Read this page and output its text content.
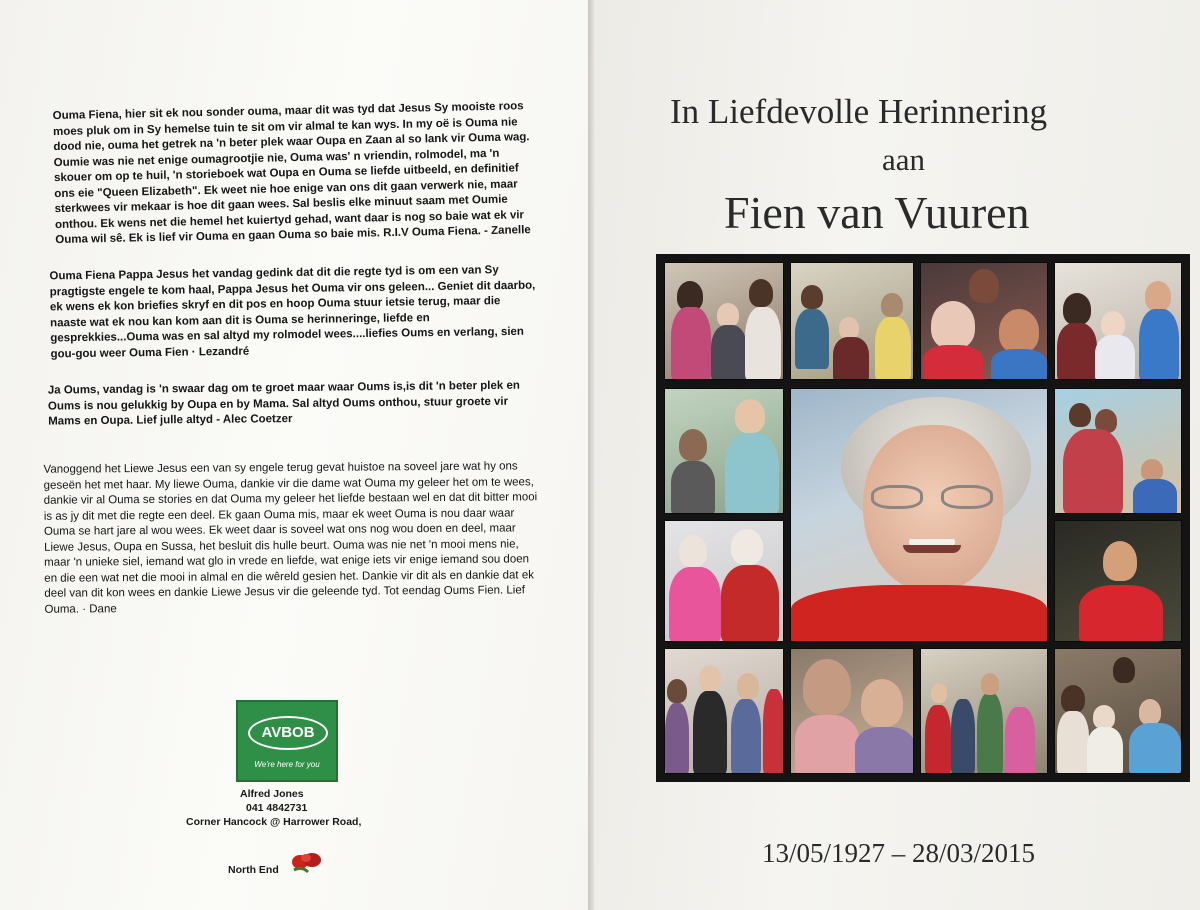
Ouma Fiena, hier sit ek nou sonder ouma, maar dit was tyd dat Jesus Sy mooiste roos moes pluk om in Sy hemelse tuin te sit om vir almal te kan wys. In my oë is Ouma nie dood nie, ouma het getrek na 'n beter plek waar Oupa en Zaan al so lank vir Ouma wag. Oumie was nie net enige oumagrootjie nie, Ouma was' n vriendin, rolmodel, ma 'n skouer om op te huil, 'n storieboek wat Oupa en Ouma se liefde uitbeeld, en definitief ons eie "Queen Elizabeth". Ek weet nie hoe enige van ons dit gaan verwerk nie, maar sterkwees vir mekaar is hoe dit gaan wees. Sal beslis elke minuut saam met Oumie onthou. Ek wens net die hemel het kuiertyd gehad, want daar is nog so baie wat ek vir Ouma wil sê. Ek is lief vir Ouma en gaan Ouma so baie mis. R.I.V Ouma Fiena. - Zanelle

Ouma Fiena Pappa Jesus het vandag gedink dat dit die regte tyd is om een van Sy pragtigste engele te kom haal, Pappa Jesus het Ouma vir ons geleen... Geniet dit daarbo, ek wens ek kon briefies skryf en dit pos en hoop Ouma stuur ietsie terug, maar die naaste wat ek nou kan kom aan dit is Ouma se herinneringe, liefde en gesprekkies...Ouma was en sal altyd my rolmodel wees....liefies Oums en verlang, sien gou-gou weer Ouma Fien · Lezandré

Ja Oums, vandag is 'n swaar dag om te groet maar waar Oums is,is dit 'n beter plek en Oums is nou gelukkig by Oupa en by Mama. Sal altyd Oums onthou, stuur groete vir Mams en Oupa. Lief julle altyd - Alec Coetzer

Vanoggend het Liewe Jesus een van sy engele terug gevat huistoe na soveel jare wat hy ons geseën het met haar. My liewe Ouma, dankie vir die dame wat Ouma my geleer het om te wees, dankie vir al Ouma se stories en dat Ouma my geleer het liefde bestaan wel en dat dit bitter mooi is as jy dit met die regte een deel. Ek gaan Ouma mis, maar ek weet Ouma is nou daar waar Ouma se hart jare al wou wees. Ek weet daar is soveel wat ons nog wou doen en deel, maar Liewe Jesus, Oupa en Sussa, het besluit dis hulle beurt. Ouma was nie net 'n mooi mens nie, maar 'n unieke siel, iemand wat glo in vrede en liefde, wat enige iets vir enige iemand sou doen en die een wat net die mooi in almal en die wêreld gesien het. Dankie vir dit als en dankie dat ek deel van dit kon wees en dankie Liewe Jesus vir die geleende tyd. Tot eendag Oums Fien. Lief Ouma. · Dane

AVBOB
We're here for you
Alfred Jones
041 4842731
Corner Hancock @ Harrower Road,
North End
In Liefdevolle Herinnering
aan
Fien van Vuuren
13/05/1927 – 28/03/2015
